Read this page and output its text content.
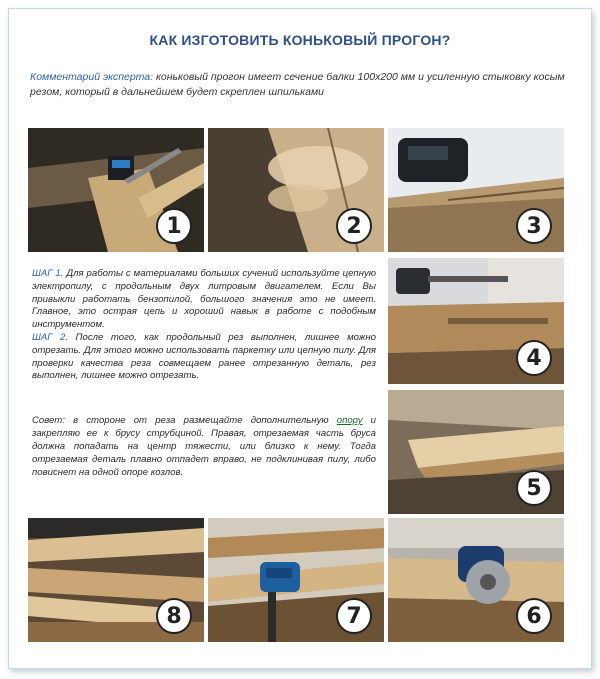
КАК ИЗГОТОВИТЬ КОНЬКОВЫЙ ПРОГОН?
Комментарий эксперта: коньковый прогон имеет сечение балки 100х200 мм и усиленную стыковку косым резом, который в дальнейшем будет скреплен шпильками
1	2	3
4
5
8	7	6

ШАГ 1. Для работы с материалами больших сучений используйте цепную электропилу, с продольным двух литровым двигателем. Если Вы привыкли работать бензопилой, большого значения это не имеет. Главное, это острая цепь и хороший навык в работе с подобным инструментом.

ШАГ 2. После того, как продольный рез выполнен, лишнее можно отрезать. Для этого можно использовать паркетку или цепную пилу. Для проверки качества реза совмещаем ранее отрезанную деталь, рез выполнен, лишнее можно отрезать.

Совет: в стороне от реза размещайте дополнительную опору и закрепляю ее к брусу струбциной. Правая, отрезаемая часть бруса должна попадать на центр тяжести, или близко к нему. Тогда отрезаемая деталь плавно отпадет вправо, не подклинивая пилу, либо повиснет на одной опоре козлов.
